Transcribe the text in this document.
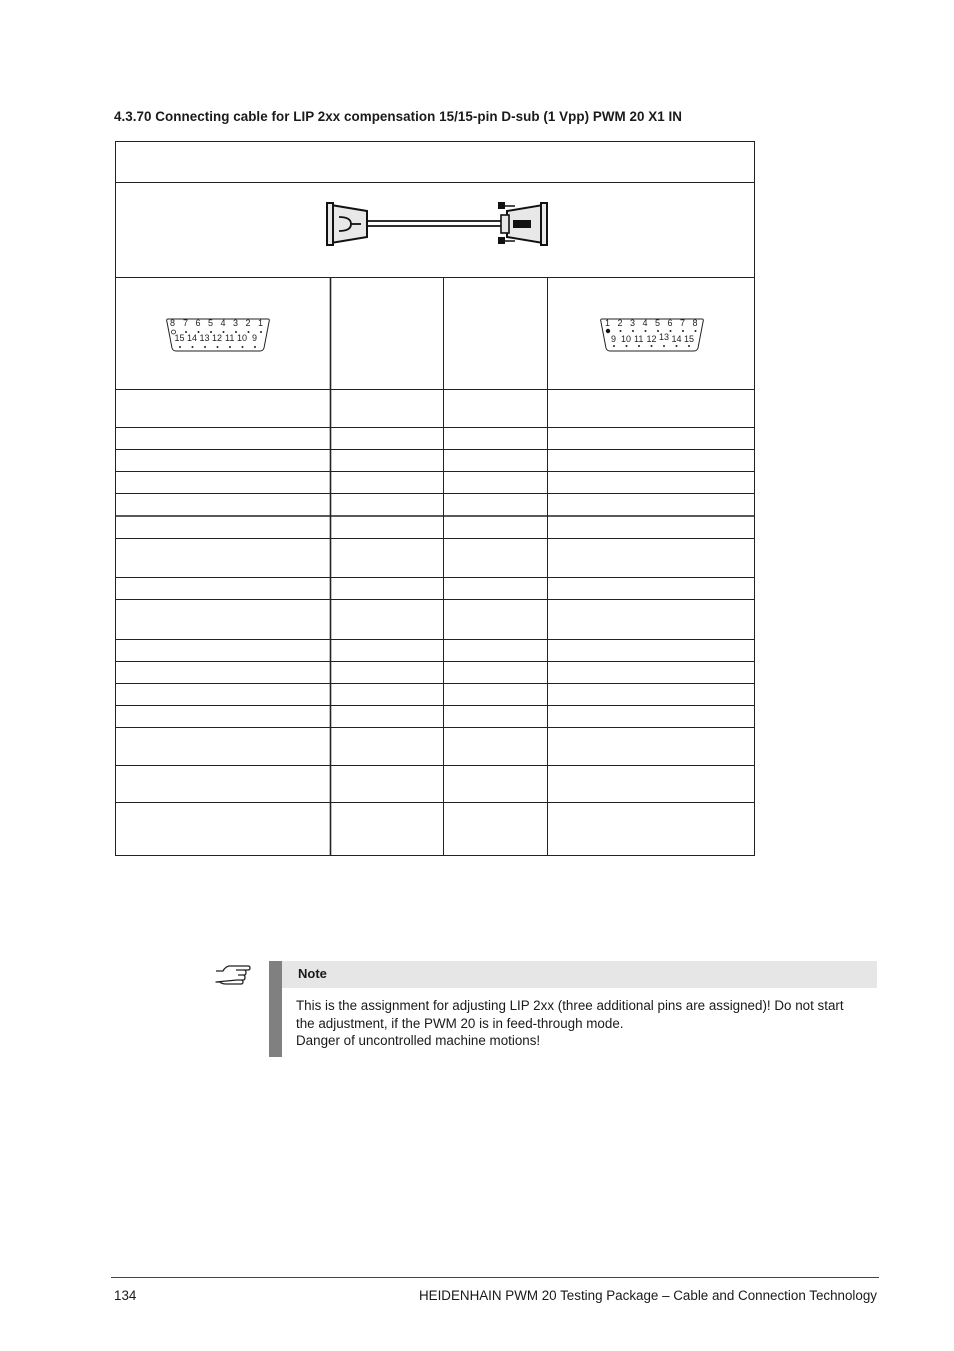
4.3.70 Connecting cable for LIP 2xx compensation 15/15-pin D-sub (1 Vpp) PWM 20 X1 IN
8 7 6 5 4 3 2 1
15 14 13 12 11 10 9
1 2 3 4 5 6 7 8
9 10 11 12 13 14 15
Note
This is the assignment for adjusting LIP 2xx (three additional pins are assigned)! Do not start
the adjustment, if the PWM 20 is in feed-through mode.
Danger of uncontrolled machine motions!
134	HEIDENHAIN PWM 20 Testing Package – Cable and Connection Technology
